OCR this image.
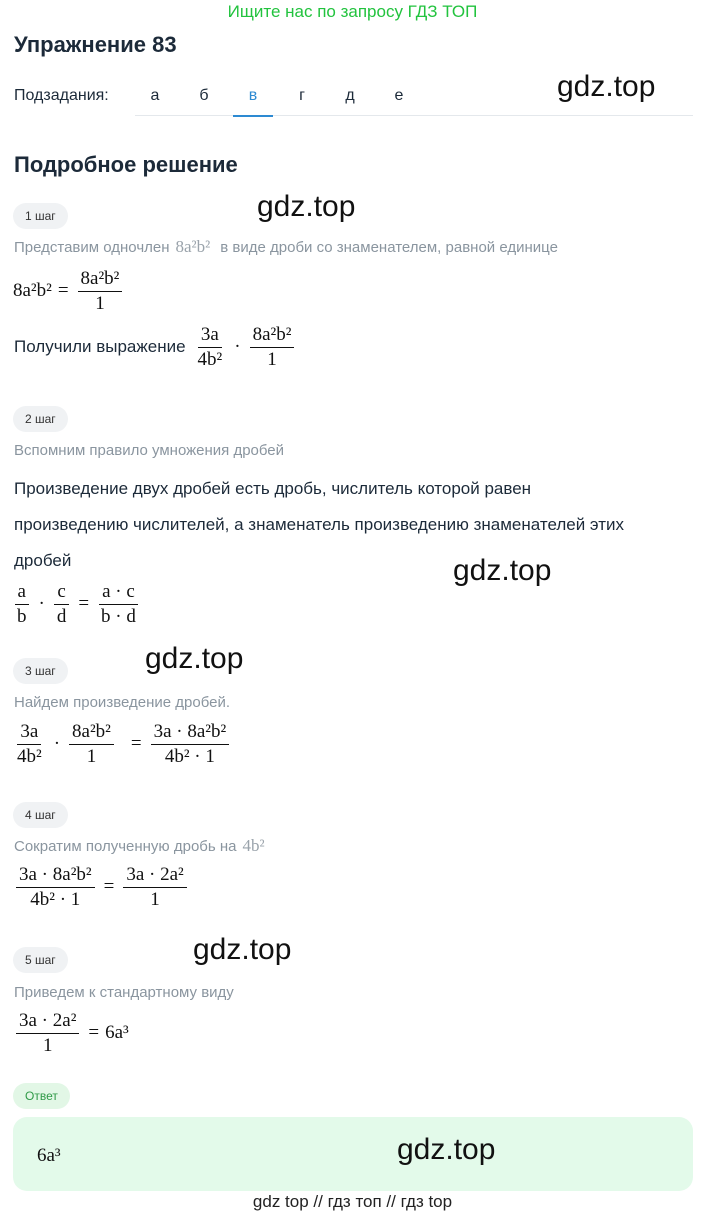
Ищите нас по запросу ГДЗ ТОП
Упражнение 83
Подзадания:	а	б	в	г	д	е	gdz.top
Подробное решение
1 шаг	gdz.top
Представим одночлен 8a²b² в виде дроби со знаменателем, равной единице
$8a^2b^2 = \frac{\text{8a²b²}}{1}$
Получили выражение $\frac{3a}{\text{4b²}} \cdot \frac{\text{8a²b²}}{1}$
2 шаг
Вспомним правило умножения дробей
Произведение двух дробей есть дробь, числитель которой равен
произведению числителей, а знаменатель произведению знаменателей этих
дробей	gdz.top
$\frac{a}{b} \cdot \frac{c}{d} = \frac{a \cdot c}{b \cdot d}$
3 шаг	gdz.top
Найдем произведение дробей.
$\frac{3a}{\text{4b²}} \cdot \frac{\text{8a²b²}}{1} = \frac{\text{3a · 8a²b²}}{\text{4b² · 1}}$
4 шаг
Сократим полученную дробь на 4b²
$\frac{\text{3a · 8a²b²}}{\text{4b² · 1}} = \frac{\text{3a · 2a²}}{1}$
5 шаг	gdz.top
Приведем к стандартному виду
$\frac{\text{3a · 2a²}}{1} = 6a^3$
Ответ
6a³	gdz.top
gdz top // гдз топ // гдз top
